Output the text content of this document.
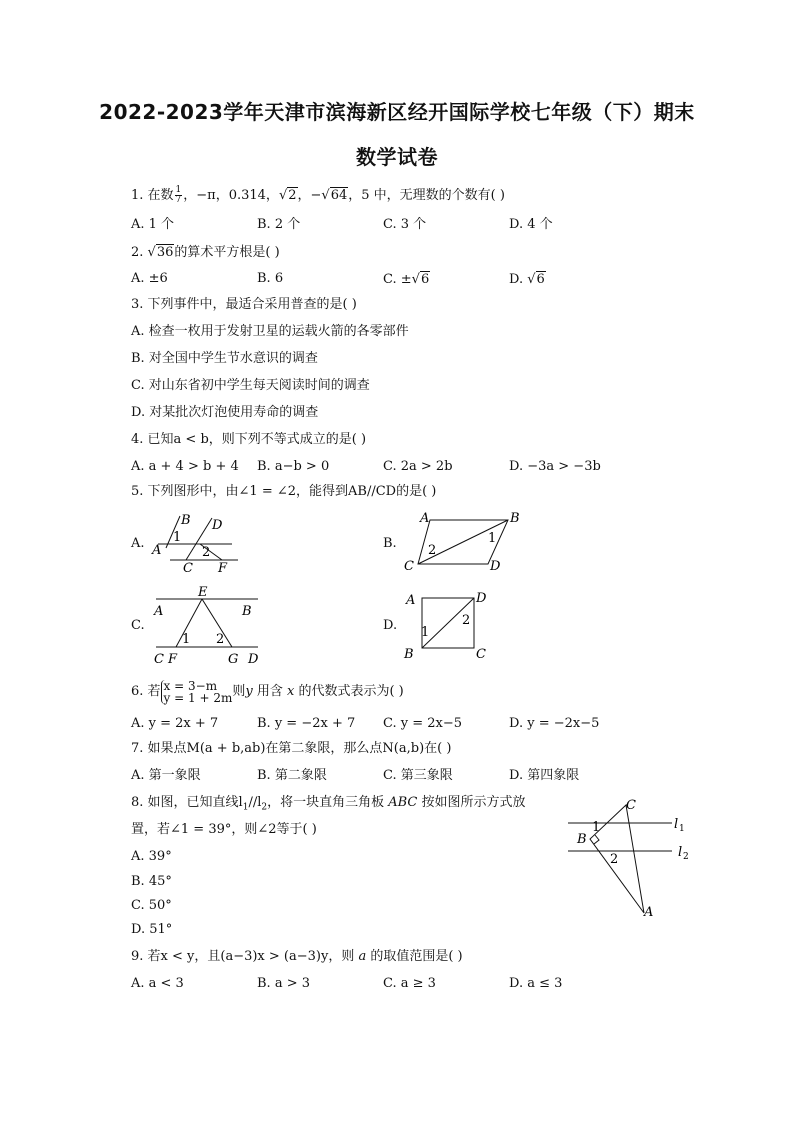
2022-2023学年天津市滨海新区经开国际学校七年级（下）期末
数学试卷
1. 在数 $\frac{1}{7}$ ，−π，0.314，√2，−√64，5 中，无理数的个数有( )
A. 1 个	B. 2 个	C. 3 个	D. 4 个
2. √36的算术平方根是( )
A. ±6	B. 6	C. ±√6	D. √6
3. 下列事件中，最适合采用普查的是( )
A. 检查一枚用于发射卫星的运载火箭的各零部件
B. 对全国中学生节水意识的调查
C. 对山东省初中学生每天阅读时间的调查
D. 对某批次灯泡使用寿命的调查
4. 已知a < b，则下列不等式成立的是( )
A. a + 4 > b + 4 B. a−b > 0	C. 2a > 2b	D. −3a > −3b
5. 下列图形中，由∠1 = ∠2，能得到AB//CD的是( )
A.
B D
A
C F
1
2
B.
A	B
C	D
1
2
C.
E
A	B
C F	G D
1 2
D.
A	D
B	C
1
2
6. 若 x = 3−m
y = 1 + 2m 则y 用含 x 的代数式表示为( )
A. y = 2x + 7	B. y = −2x + 7 C. y = 2x−5	D. y = −2x−5
7. 如果点M(a + b,ab)在第二象限，那么点N(a,b)在( )
A. 第一象限	B. 第二象限	C. 第三象限	D. 第四象限
8. 如图，已知直线$l_1//l_2$，将一块直角三角板 ABC 按如图所示方式放
置，若∠1 = 39°，则∠2等于( )
A. 39°
B. 45°
C. 50°
D. 51°
C
B
A
1
2
l 1
l 2
9. 若x < y，且(a−3)x > (a−3)y，则 a 的取值范围是( )
A. a < 3	B. a > 3	C. a ≥ 3	D. a ≤ 3
